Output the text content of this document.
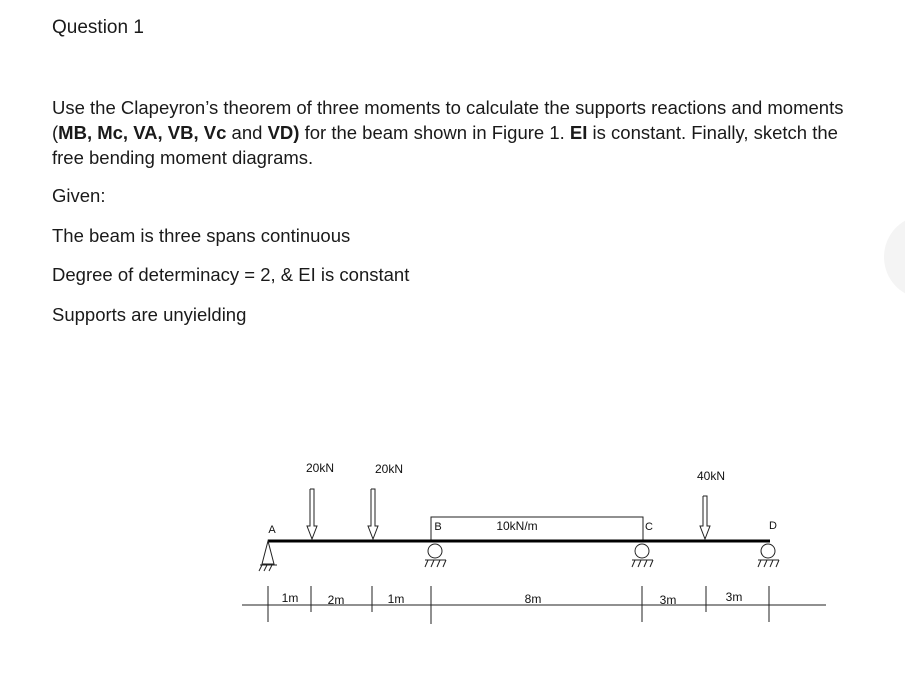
Question 1
Use the Clapeyron’s theorem of three moments to calculate the supports reactions and moments (MB, Mc, VA, VB, Vc and VD) for the beam shown in Figure 1. EI is constant. Finally, sketch the free bending moment diagrams.
Given:
The beam is three spans continuous
Degree of determinacy = 2, & EI is constant
Supports are unyielding
20kN	20kN	40kN
10kN/m
A	B	C	D
1m 2m	1m	8m	3m	3m
